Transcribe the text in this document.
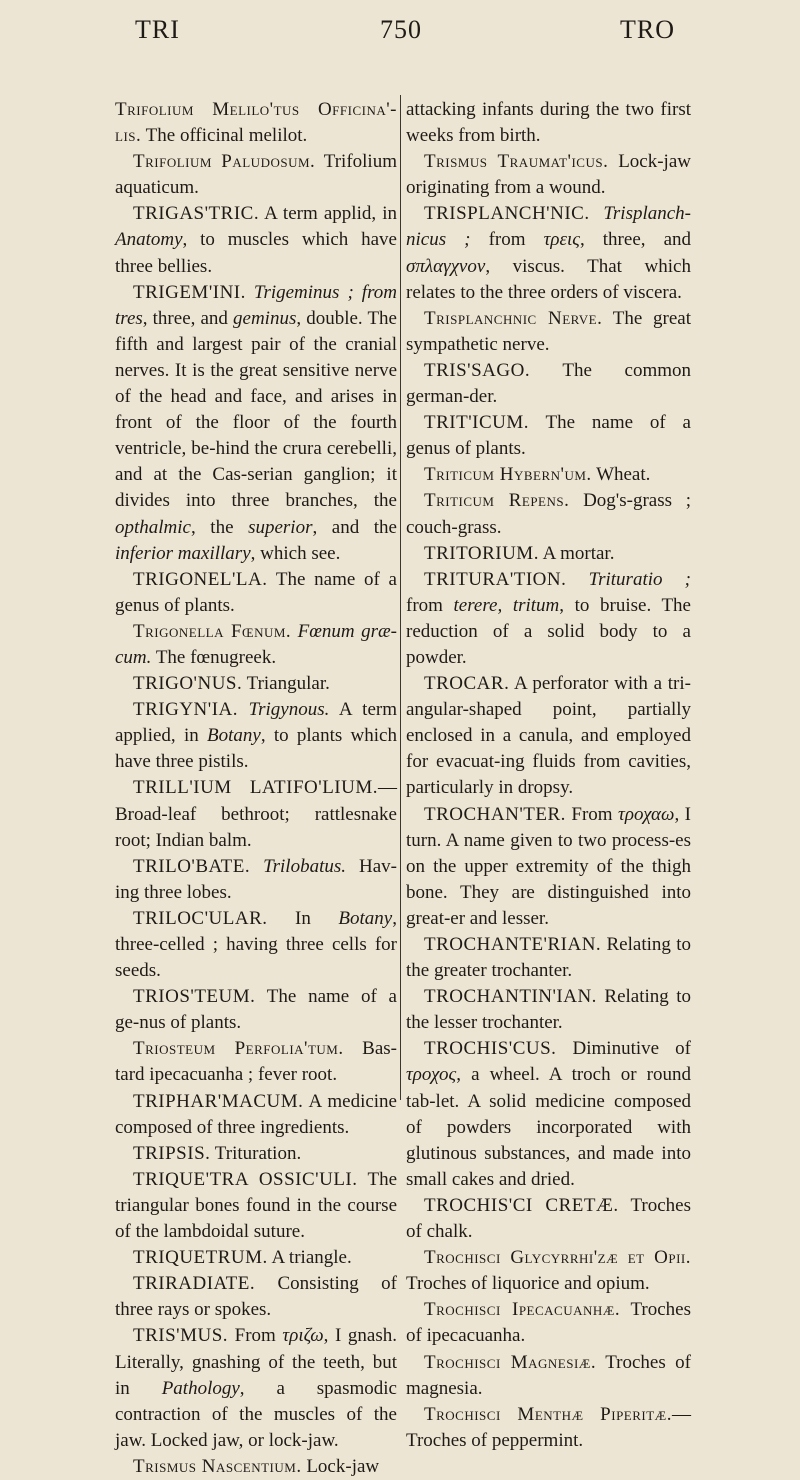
TRI	750	TRO

Trifolium Melilo'tus Officina'-lis. The officinal melilot.

Trifolium Paludosum. Trifolium aquaticum.

TRIGAS'TRIC. A term applid, in Anatomy, to muscles which have three bellies.

TRIGEM'INI. Trigeminus ; from tres, three, and geminus, double. The fifth and largest pair of the cranial nerves. It is the great sensitive nerve of the head and face, and arises in front of the floor of the fourth ventricle, be-hind the crura cerebelli, and at the Cas-serian ganglion; it divides into three branches, the opthalmic, the superior, and the inferior maxillary, which see.

TRIGONEL'LA. The name of a genus of plants.

Trigonella Fœnum. Fœnum græ-cum. The fœnugreek.

TRIGO'NUS. Triangular.

TRIGYN'IA. Trigynous. A term applied, in Botany, to plants which have three pistils.

TRILL'IUM LATIFO'LIUM.— Broad-leaf bethroot; rattlesnake root; Indian balm.

TRILO'BATE. Trilobatus. Hav-ing three lobes.

TRILOC'ULAR. In Botany, three-celled ; having three cells for seeds.

TRIOS'TEUM. The name of a ge-nus of plants.

Triosteum Perfolia'tum. Bas-tard ipecacuanha ; fever root.

TRIPHAR'MACUM. A medicine composed of three ingredients.

TRIPSIS. Trituration.

TRIQUE'TRA OSSIC'ULI. The triangular bones found in the course of the lambdoidal suture.

TRIQUETRUM. A triangle.

TRIRADIATE. Consisting of three rays or spokes.

TRIS'MUS. From τριζω, I gnash. Literally, gnashing of the teeth, but in Pathology, a spasmodic contraction of the muscles of the jaw. Locked jaw, or lock-jaw.

Trismus Nascentium. Lock-jaw

attacking infants during the two first weeks from birth.

Trismus Traumat'icus. Lock-jaw originating from a wound.

TRISPLANCH'NIC. Trisplanch-nicus ; from τρεις, three, and σπλαγχνον, viscus. That which relates to the three orders of viscera.

Trisplanchnic Nerve. The great sympathetic nerve.

TRIS'SAGO. The common german-der.

TRIT'ICUM. The name of a genus of plants.

Triticum Hybern'um. Wheat.

Triticum Repens. Dog's-grass ; couch-grass.

TRITORIUM. A mortar.

TRITURA'TION. Trituratio ; from terere, tritum, to bruise. The reduction of a solid body to a powder.

TROCAR. A perforator with a tri-angular-shaped point, partially enclosed in a canula, and employed for evacuat-ing fluids from cavities, particularly in dropsy.

TROCHAN'TER. From τροχαω, I turn. A name given to two process-es on the upper extremity of the thigh bone. They are distinguished into great-er and lesser.

TROCHANTE'RIAN. Relating to the greater trochanter.

TROCHANTIN'IAN. Relating to the lesser trochanter.

TROCHIS'CUS. Diminutive of τροχος, a wheel. A troch or round tab-let. A solid medicine composed of powders incorporated with glutinous substances, and made into small cakes and dried.

TROCHIS'CI CRETÆ. Troches of chalk.

Trochisci Glycyrrhi'zæ et Opii. Troches of liquorice and opium.

Trochisci Ipecacuanhæ. Troches of ipecacuanha.

Trochisci Magnesiæ. Troches of magnesia.

Trochisci Menthæ Piperitæ.— Troches of peppermint.
